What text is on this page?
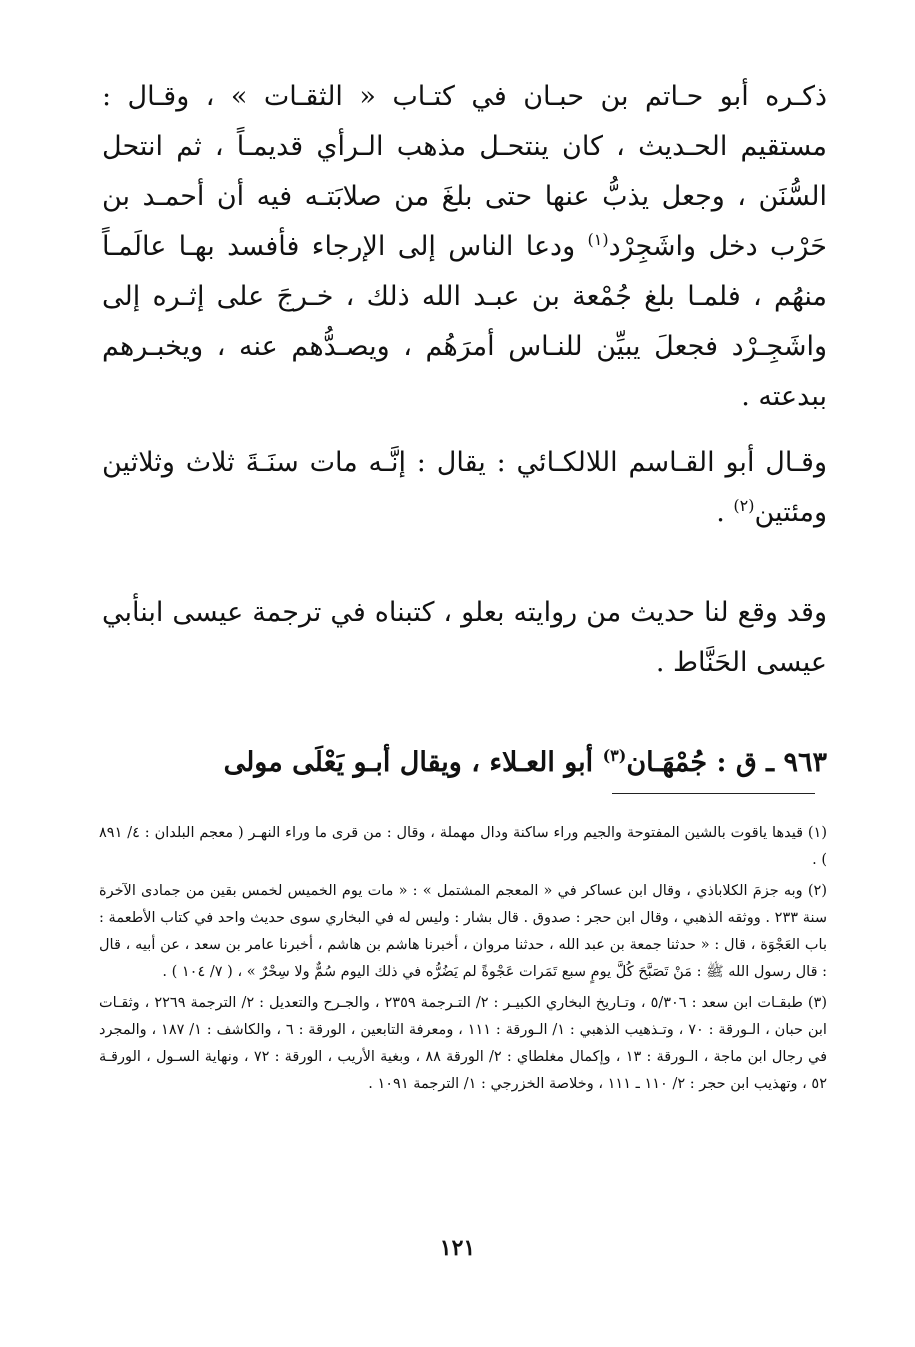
ذكـره أبو حـاتم بن حبـان في كتـاب « الثقـات » ، وقـال : مستقيم الحـديث ، كان ينتحـل مذهب الـرأي قديمـاً ، ثم انتحل السُّنَن ، وجعل يذبُّ عنها حتى بلغَ من صلابَتـه فيه أن أحمـد بن حَرْب دخل واشَجِرْد$^{(١)}$ ودعا الناس إلى الإرجاء فأفسد بهـا عالَمـاً منهُم ، فلمـا بلغ جُمْعة بن عبـد الله ذلك ، خـرجَ على إثـره إلى واشَجِـرْد فجعلَ يبيِّن للنـاس أمرَهُم ، ويصـدُّهم عنه ، ويخبـرهم ببدعته .

وقـال أبو القـاسم اللالكـائي : يقال : إنَّـه مات سنَـةَ ثلاث وثلاثين ومئتين$^{(٢)}$ .

وقد وقع لنا حديث من روايته بعلو ، كتبناه في ترجمة عيسى ابنأبي عيسى الحَنَّاط .

٩٦٣ ـ ق : جُمْهَـان$^{(٣)}$ أبو العـلاء ، ويقال أبـو يَعْلَى مولى

(١) قيدها ياقوت بالشين المفتوحة والجيم وراء ساكنة ودال مهملة ، وقال : من قرى ما وراء النهـر ( معجم البلدان : ٤/ ٨٩١ ) .

(٢) وبه جزمَ الكلاباذي ، وقال ابن عساكر في « المعجم المشتمل » : « مات يوم الخميس لخمس بقين من جمادى الآخرة سنة ٢٣٣ . ووثقه الذهبي ، وقال ابن حجر : صدوق . قال بشار : وليس له في البخاري سوى حديث واحد في كتاب الأطعمة : باب العَجْوَة ، قال : « حدثنا جمعة بن عبد الله ، حدثنا مروان ، أخبرنا هاشم بن هاشم ، أخبرنا عامر بن سعد ، عن أبيه ، قال : قال رسول الله ﷺ : مَنْ تَصَبَّحَ كُلَّ يومٍ سبع تَمَرات عَجْوةً لم يَضُرُّه في ذلك اليوم سُمٌّ ولا سِحْرٌ » ، ( ٧/ ١٠٤ ) .

(٣) طبقـات ابن سعد : ٥/٣٠٦ ، وتـاريخ البخاري الكبيـر : ٢/ التـرجمة ٢٣٥٩ ، والجـرح والتعديل : ٢/ الترجمة ٢٢٦٩ ، وثقـات ابن حبان ، الـورقة : ٧٠ ، وتـذهيب الذهبي : ١/ الـورقة : ١١١ ، ومعرفة التابعين ، الورقة : ٦ ، والكاشف : ١/ ١٨٧ ، والمجرد في رجال ابن ماجة ، الـورقة : ١٣ ، وإكمال مغلطاي : ٢/ الورقة ٨٨ ، وبغية الأريب ، الورقة : ٧٢ ، ونهاية السـول ، الورقـة ٥٢ ، وتهذيب ابن حجر : ٢/ ١١٠ ـ ١١١ ، وخلاصة الخزرجي : ١/ الترجمة ١٠٩١ .

١٢١
